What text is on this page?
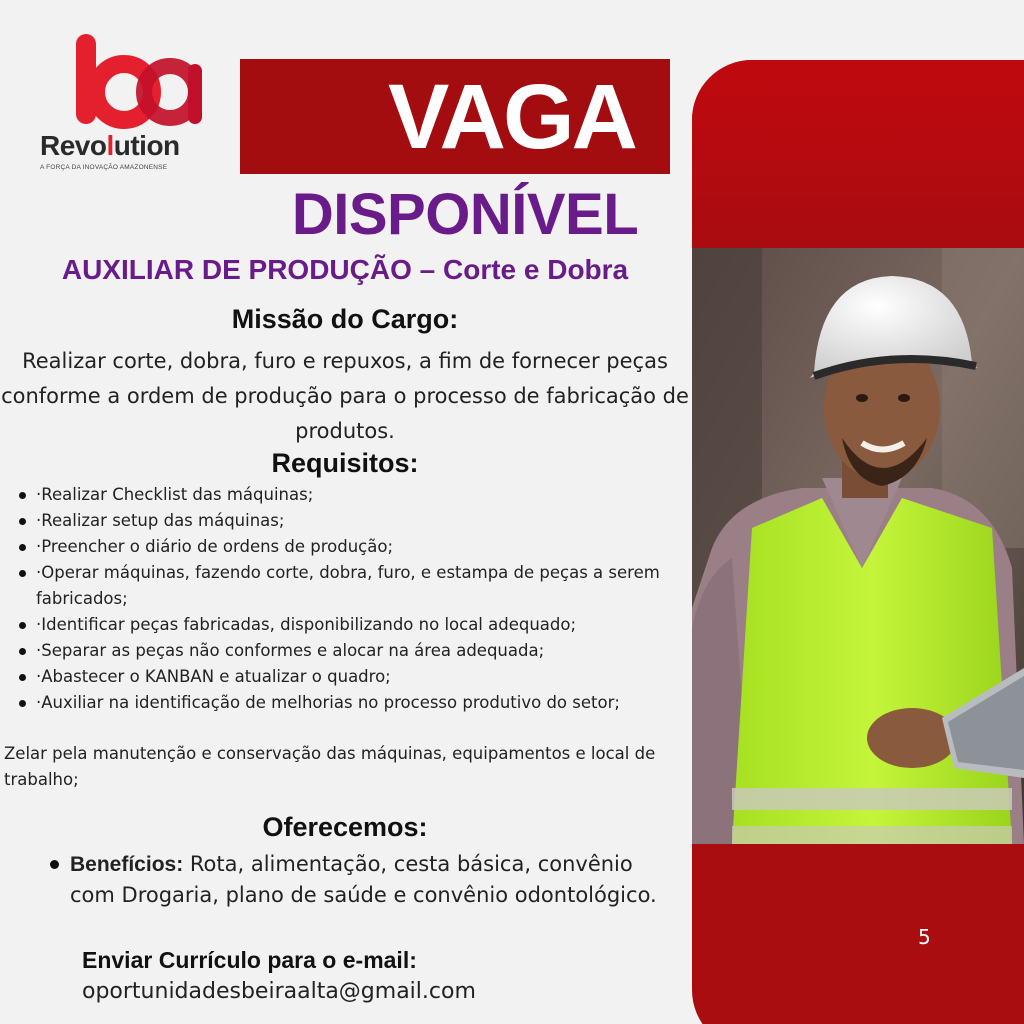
Revolution
A FORÇA DA INOVAÇÃO AMAZONENSE VAGA
DISPONÍVEL
AUXILIAR DE PRODUÇÃO – Corte e Dobra
Missão do Cargo:
Realizar corte, dobra, furo e repuxos, a fim de fornecer peças conforme a ordem de produção para o processo de fabricação de produtos.
Requisitos:
·Realizar Checklist das máquinas;
·Realizar setup das máquinas;
·Preencher o diário de ordens de produção;
·Operar máquinas, fazendo corte, dobra, furo, e estampa de peças a serem fabricados;
·Identificar peças fabricadas, disponibilizando no local adequado;
·Separar as peças não conformes e alocar na área adequada;
·Abastecer o KANBAN e atualizar o quadro;
·Auxiliar na identificação de melhorias no processo produtivo do setor;
Zelar pela manutenção e conservação das máquinas, equipamentos e local de trabalho;
Oferecemos:
Benefícios: Rota, alimentação, cesta básica, convênio com Drogaria, plano de saúde e convênio odontológico.
Enviar Currículo para o e-mail:
oportunidadesbeiraalta@gmail.com
5
